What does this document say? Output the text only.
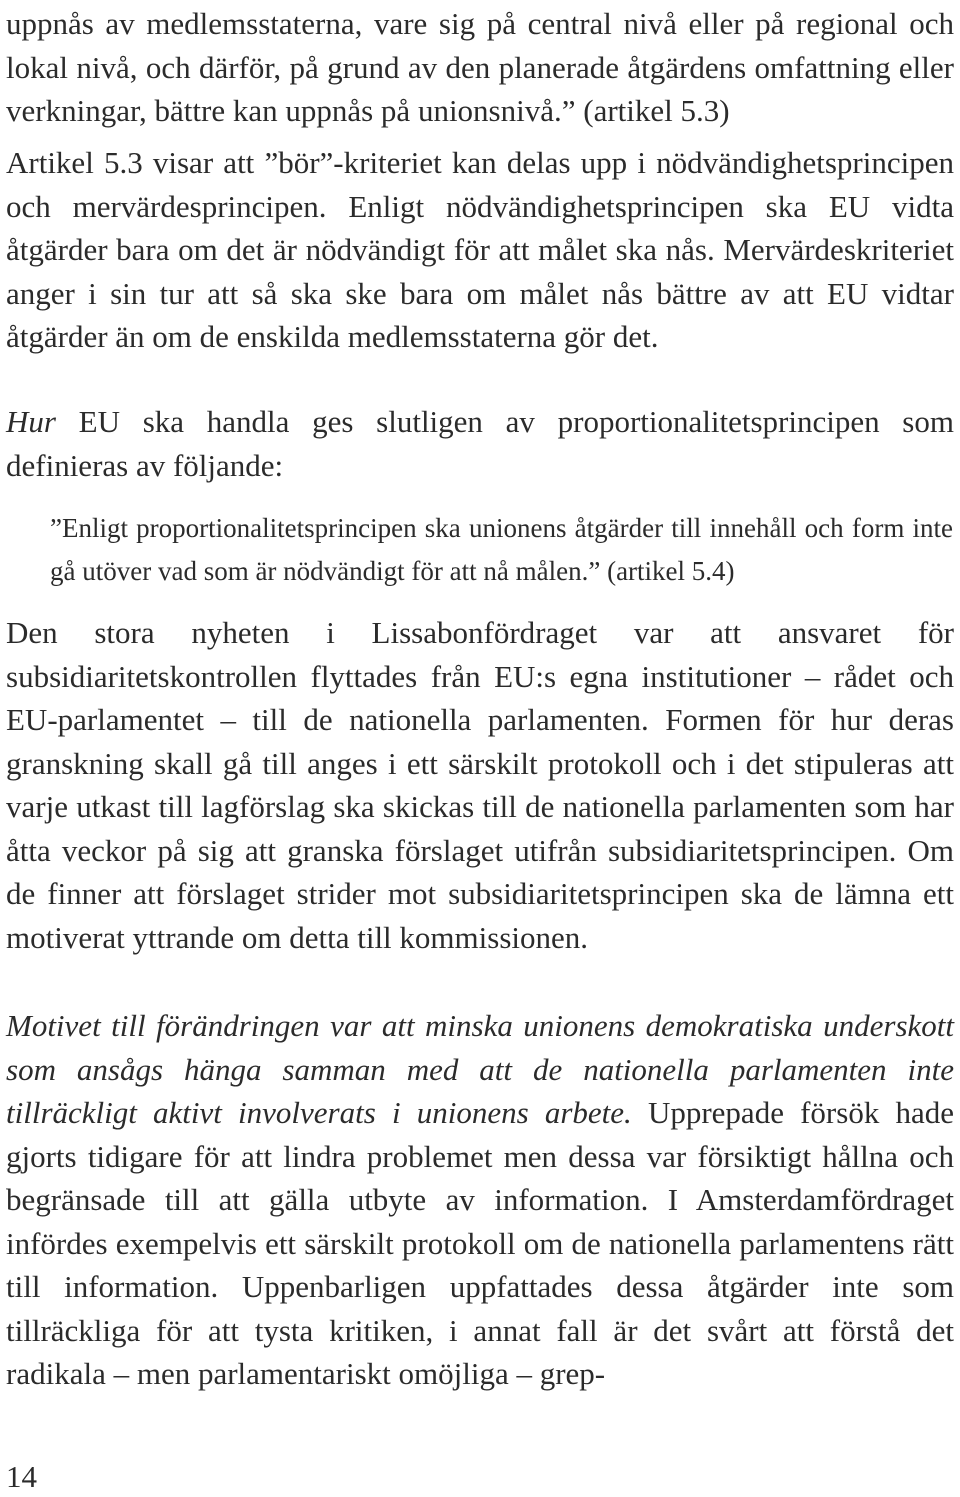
uppnås av medlemsstaterna, vare sig på central nivå eller på regional och lokal nivå, och därför, på grund av den planerade åtgärdens omfattning eller verkningar, bättre kan uppnås på unionsnivå.” (artikel 5.3)

Artikel 5.3 visar att ”bör”-kriteriet kan delas upp i nödvändighetsprincipen och mervärdesprincipen. Enligt nödvändighetsprincipen ska EU vidta åtgärder bara om det är nödvändigt för att målet ska nås. Mervärdeskriteriet anger i sin tur att så ska ske bara om målet nås bättre av att EU vidtar åtgärder än om de enskilda medlemsstaterna gör det.

Hur EU ska handla ges slutligen av proportionalitetsprincipen som definieras av följande:

”Enligt proportionalitetsprincipen ska unionens åtgärder till innehåll och form inte gå utöver vad som är nödvändigt för att nå målen.” (artikel 5.4)

Den stora nyheten i Lissabonfördraget var att ansvaret för subsidiaritetskontrollen flyttades från EU:s egna institutioner – rådet och EU-parlamentet – till de nationella parlamenten. Formen för hur deras granskning skall gå till anges i ett särskilt protokoll och i det stipuleras att varje utkast till lagförslag ska skickas till de nationella parlamenten som har åtta veckor på sig att granska förslaget utifrån subsidiaritetsprincipen. Om de finner att förslaget strider mot subsidiaritetsprincipen ska de lämna ett motiverat yttrande om detta till kommissionen.

Motivet till förändringen var att minska unionens demokratiska underskott som ansågs hänga samman med att de nationella parlamenten inte tillräckligt aktivt involverats i unionens arbete. Upprepade försök hade gjorts tidigare för att lindra problemet men dessa var försiktigt hållna och begränsade till att gälla utbyte av information. I Amsterdamfördraget infördes exempelvis ett särskilt protokoll om de nationella parlamentens rätt till information. Uppenbarligen uppfattades dessa åtgärder inte som tillräckliga för att tysta kritiken, i annat fall är det svårt att förstå det radikala – men parlamentariskt omöjliga – grep-

14
